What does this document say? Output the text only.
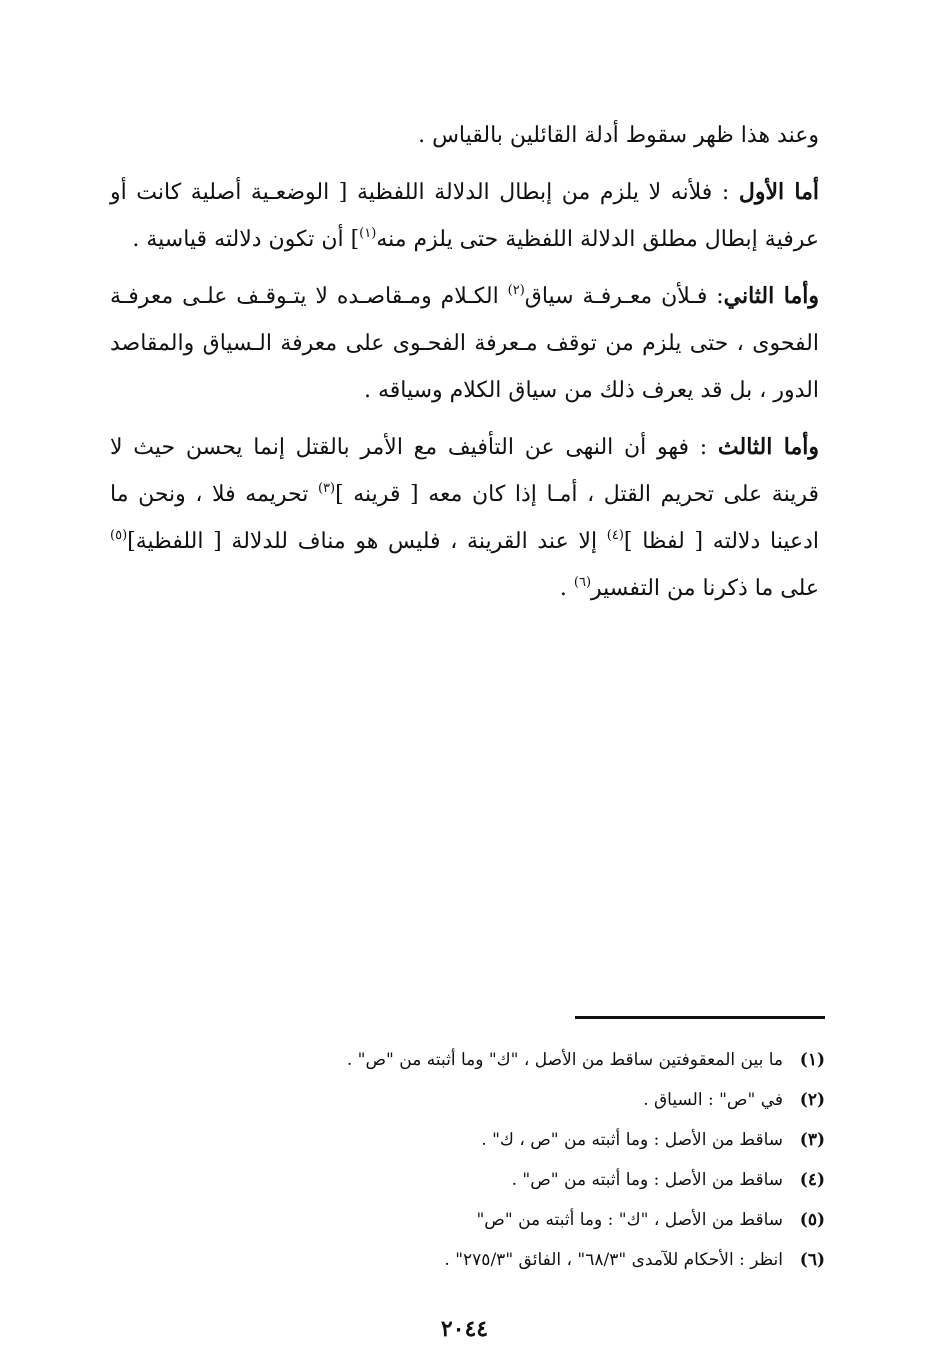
وعند هذا ظهر سقوط أدلة القائلين بالقياس .

أما الأول : فلأنه لا يلزم من إبطال الدلالة اللفظية [ الوضعـية أصلية كانت أو عرفية إبطال مطلق الدلالة اللفظية حتى يلزم منه$^{(١)}$] أن تكون دلالته قياسية .

وأما الثاني: فـلأن معـرفـة سياق$^{(٢)}$ الكـلام ومـقاصـده لا يتـوقـف علـى معرفـة الفحوى ، حتى يلزم من توقف مـعرفة الفحـوى على معرفة الـسياق والمقاصد الدور ، بل قد يعرف ذلك من سياق الكلام وسياقه .

وأما الثالث : فهو أن النهى عن التأفيف مع الأمر بالقتل إنما يحسن حيث لا قرينة على تحريم القتل ، أمـا إذا كان معه [ قرينه ]$^{(٣)}$ تحريمه فلا ، ونحن ما ادعينا دلالته [ لفظا ]$^{(٤)}$ إلا عند القرينة ، فليس هو مناف للدلالة [ اللفظية]$^{(٥)}$ على ما ذكرنا من التفسير$^{(٦)}$ .

(١)ما بين المعقوفتين ساقط من الأصل ، "ك" وما أثبته من "ص" .
(٢)في "ص" : السياق .
(٣)ساقط من الأصل : وما أثبته من "ص ، ك" .
(٤)ساقط من الأصل : وما أثبته من "ص" .
(٥)ساقط من الأصل ، "ك" : وما أثبته من "ص"
(٦)انظر : الأحكام للآمدى "٦٨/٣" ، الفائق "٢٧٥/٣" .
٢٠٤٤
